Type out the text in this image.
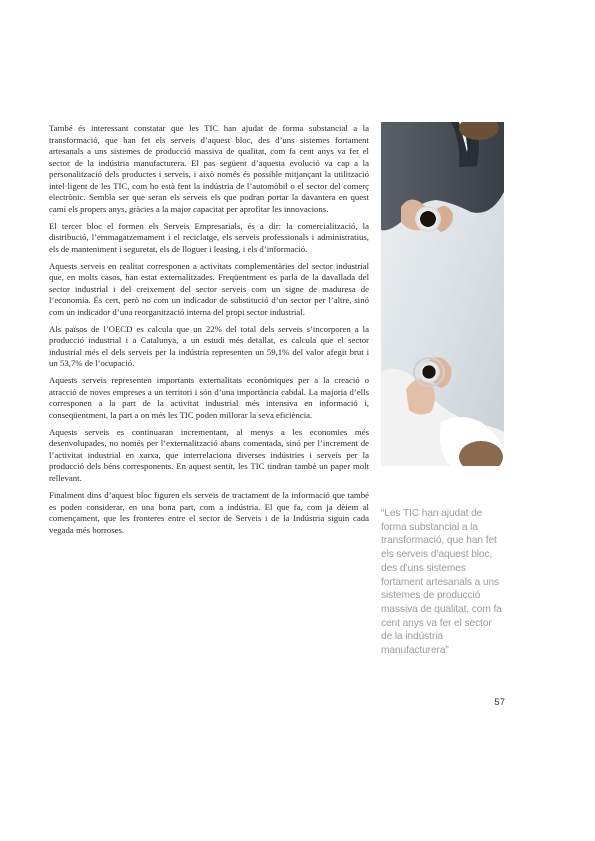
També és interessant constatar que les TIC han ajudat de forma substancial a la transformació, que han fet els serveis d’aquest bloc, des d’uns sistemes fortament artesanals a uns sistemes de producció massiva de qualitat, com fa cent anys va fer el sector de la indústria manufacturera. El pas següent d’aquesta evolució va cap a la personalització dels productes i serveis, i això només és possible mitjançant la utilització intel·ligent de les TIC, com ho està fent la indústria de l’automòbil o el sector del comerç electrònic. Sembla ser que seran els serveis els que podran portar la davantera en quest camí els propers anys, gràcies a la major capacitat per aprofitar les innovacions.

El tercer bloc el formen els Serveis Empresarials, és a dir: la comercialització, la distribució, l’emmagatzemament i el reciclatge, els serveis professionals i administratius, els de manteniment i seguretat, els de lloguer i leasing, i els d’informació.

Aquests serveis en realitat corresponen a activitats complementàries del sector industrial que, en molts casos, han estat externalitzades. Freqüentment es parla de la davallada del sector industrial i del creixement del sector serveis com un signe de maduresa de l’economia. És cert, però no com un indicador de substitució d’un sector per l’altre, sinó com un indicador d’una reorganització interna del propi sector industrial.

Als països de l’OECD es calcula que un 22% del total dels serveis s’incorporen a la producció industrial i a Catalunya, a un estudi més detallat, es calcula que el sector industrial més el dels serveis per la indústria representen un 59,1% del valor afegit brut i un 53,7% de l’ocupació.

Aquests serveis representen importants externalitats econòmiques per a la creació o atracció de noves empreses a un territori i són d’una importància cabdal. La majoria d’ells corresponen a la part de la activitat industrial més intensiva en informació i, conseqüentment, la part a on més les TIC poden millorar la seva eficiència.

Aquests serveis es continuaran incrementant, al menys a les economies més desenvolupades, no només per l’externalització abans comentada, sinó per l’increment de l’activitat industrial en xarxa, que interrelaciona diverses indústries i serveis per la producció dels béns corresponents. En aquest sentit, les TIC tindran també un paper molt rellevant.

Finalment dins d’aquest bloc figuren els serveis de tractament de la informació que també es poden considerar, en una bona part, com a indústria. El que fa, com ja dèiem al començament, que les fronteres entre el sector de Serveis i de la Indústria siguin cada vegada més borroses.

“Les TIC han ajudat de forma substancial a la transformació, que han fet els serveis d’aquest bloc, des d’uns sistemes fortament artesanals a uns sistemes de producció massiva de qualitat, com fa cent anys va fer el sector de la indústria manufacturera”
57
